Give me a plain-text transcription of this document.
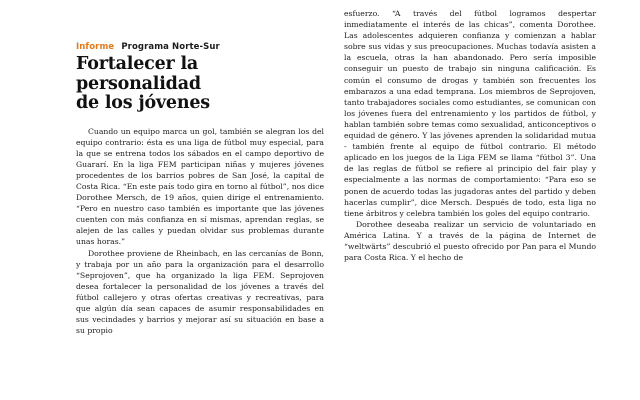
Informe Programa Norte-Sur
Fortalecer la personalidad
de los jóvenes

Cuando un equipo marca un gol, también se alegran los del equipo contrario: ésta es una liga de fútbol muy especial, para la que se entrena todos los sábados en el campo deportivo de Guararí. En la liga FEM participan niñas y mujeres jóvenes procedentes de los barrios pobres de San José, la capital de Costa Rica. “En este país todo gira en torno al fútbol”, nos dice Dorothee Mersch, de 19 años, quien dirige el entrenamiento. “Pero en nuestro caso también es importante que las jóvenes cuenten con más confianza en sí mismas, aprendan reglas, se alejen de las calles y puedan olvidar sus problemas durante unas horas.”

Dorothee proviene de Rheinbach, en las cercanías de Bonn, y trabaja por un año para la organización para el desarrollo “Seprojoven”, que ha organizado la liga FEM. Seprojoven desea fortalecer la personalidad de los jóvenes a través del fútbol callejero y otras ofertas creativas y recreativas, para que algún día sean capaces de asumir responsabilidades en sus vecindades y barrios y mejorar así su situación en base a su propio

esfuerzo. “A través del fútbol logramos despertar inmediatamente el interés de las chicas”, comenta Dorothee. Las adolescentes adquieren confianza y comienzan a hablar sobre sus vidas y sus preocupaciones. Muchas todavía asisten a la escuela, otras la han abandonado. Pero sería imposible conseguir un puesto de trabajo sin ninguna calificación. Es común el consumo de drogas y también son frecuentes los embarazos a una edad temprana. Los miembros de Seprojoven, tanto trabajadores sociales como estudiantes, se comunican con los jóvenes fuera del entrenamiento y los partidos de fútbol, y hablan también sobre temas como sexualidad, anticonceptivos o equidad de género. Y las jóvenes aprenden la solidaridad mutua - también frente al equipo de fútbol contrario. El método aplicado en los juegos de la Liga FEM se llama “fútbol 3”. Una de las reglas de fútbol se refiere al principio del fair play y especialmente a las normas de comportamiento: “Para eso se ponen de acuerdo todas las jugadoras antes del partido y deben hacerlas cumplir”, dice Mersch. Después de todo, esta liga no tiene árbitros y celebra también los goles del equipo contrario.

Dorothee deseaba realizar un servicio de voluntariado en América Latina. Y a través de la página de Internet de “weltwärts” descubrió el puesto ofrecido por Pan para el Mundo para Costa Rica. Y el hecho de
